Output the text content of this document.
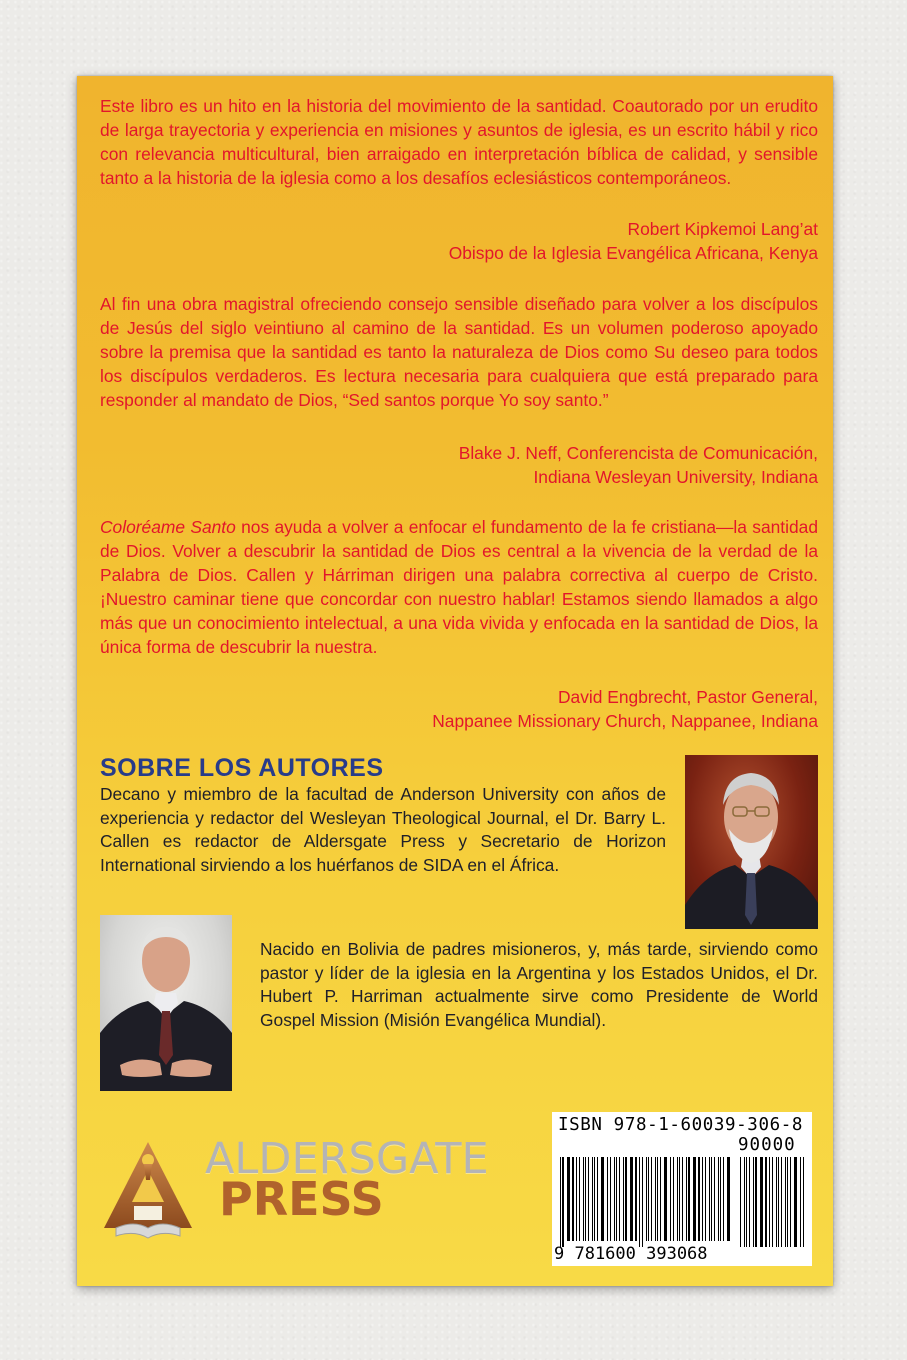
Este libro es un hito en la historia del movimiento de la santidad. Coautorado por un erudito de larga trayectoria y experiencia en misiones y asuntos de iglesia, es un escrito hábil y rico con relevancia multicultural, bien arraigado en interpretación bíblica de calidad, y sensible tanto a la historia de la iglesia como a los desafíos eclesiásticos contemporáneos.

Robert Kipkemoi Lang’at
Obispo de la Iglesia Evangélica Africana, Kenya

Al fin una obra magistral ofreciendo consejo sensible diseñado para volver a los discípulos de Jesús del siglo veintiuno al camino de la santidad. Es un volumen poderoso apoyado sobre la premisa que la santidad es tanto la naturaleza de Dios como Su deseo para todos los discípulos verdaderos. Es lectura necesaria para cualquiera que está preparado para responder al mandato de Dios, “Sed santos porque Yo soy santo.”

Blake J. Neff, Conferencista de Comunicación,
Indiana Wesleyan University, Indiana

Coloréame Santo nos ayuda a volver a enfocar el fundamento de la fe cristiana—la santidad de Dios. Volver a descubrir la santidad de Dios es central a la vivencia de la verdad de la Palabra de Dios. Callen y Hárriman dirigen una palabra correctiva al cuerpo de Cristo. ¡Nuestro caminar tiene que concordar con nuestro hablar! Estamos siendo llamados a algo más que un conocimiento intelectual, a una vida vivida y enfocada en la santidad de Dios, la única forma de descubrir la nuestra.

David Engbrecht, Pastor General,
Nappanee Missionary Church, Nappanee, Indiana

SOBRE LOS AUTORES

Decano y miembro de la facultad de Anderson University con años de experiencia y redactor del Wesleyan Theological Journal, el Dr. Barry L. Callen es redactor de Aldersgate Press y Secretario de Horizon International sirviendo a los huérfanos de SIDA en el África.

Nacido en Bolivia de padres misioneros, y, más tarde, sirviendo como pastor y líder de la iglesia en la Argentina y los Estados Unidos, el Dr. Hubert P. Harriman actualmente sirve como Presidente de World Gospel Mission (Misión Evangélica Mundial).

ALDERSGATE

PRESS

ISBN 978-1-60039-306-8

90000

9 781600 393068
